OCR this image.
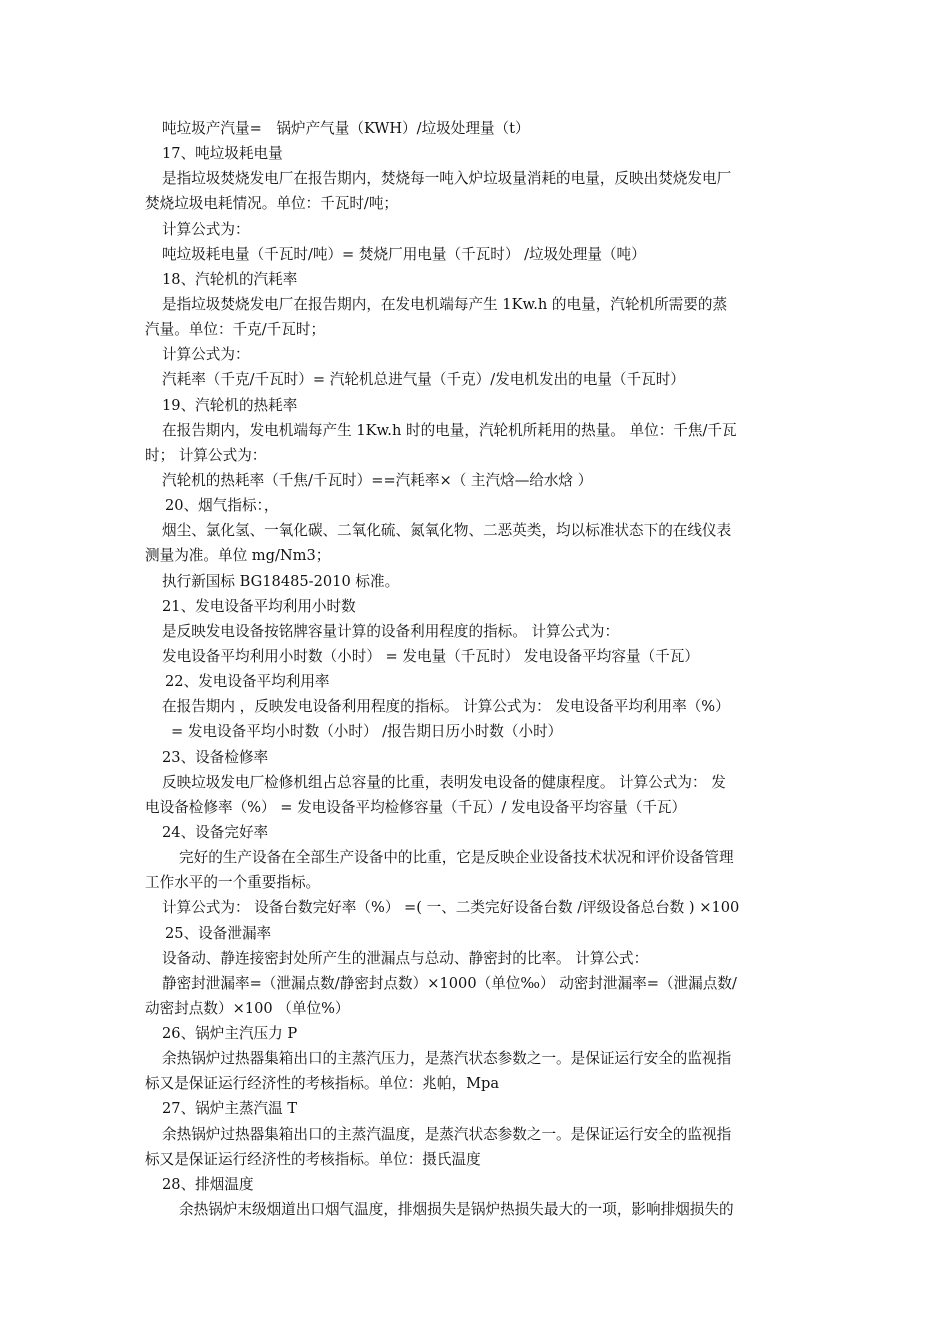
吨垃圾产汽量=　锅炉产气量（KWH）/垃圾处理量（t）
17、吨垃圾耗电量
是指垃圾焚烧发电厂在报告期内，焚烧每一吨入炉垃圾量消耗的电量，反映出焚烧发电厂
焚烧垃圾电耗情况。单位：千瓦时/吨；
计算公式为：
吨垃圾耗电量（千瓦时/吨）= 焚烧厂用电量（千瓦时） /垃圾处理量（吨）
18、汽轮机的汽耗率
是指垃圾焚烧发电厂在报告期内，在发电机端每产生 1Kw.h 的电量，汽轮机所需要的蒸
汽量。单位：千克/千瓦时；
计算公式为：
汽耗率（千克/千瓦时）= 汽轮机总进气量（千克）/发电机发出的电量（千瓦时）
19、汽轮机的热耗率
在报告期内，发电机端每产生 1Kw.h 时的电量，汽轮机所耗用的热量。 单位：千焦/千瓦
时； 计算公式为：
汽轮机的热耗率（千焦/千瓦时）==汽耗率×（ 主汽焓—给水焓 ）
20、烟气指标：，
烟尘、氯化氢、一氧化碳、二氧化硫、氮氧化物、二恶英类，均以标准状态下的在线仪表
测量为准。单位 mg/Nm3；
执行新国标 BG18485-2010 标准。
21、发电设备平均利用小时数
是反映发电设备按铭牌容量计算的设备利用程度的指标。 计算公式为：
发电设备平均利用小时数（小时） = 发电量（千瓦时） 发电设备平均容量（千瓦）
22、发电设备平均利用率
在报告期内 ，反映发电设备利用程度的指标。 计算公式为： 发电设备平均利用率（%）
= 发电设备平均小时数（小时） /报告期日历小时数（小时）
23、设备检修率
反映垃圾发电厂检修机组占总容量的比重，表明发电设备的健康程度。 计算公式为： 发
电设备检修率（%） = 发电设备平均检修容量（千瓦）/ 发电设备平均容量（千瓦）
24、设备完好率
完好的生产设备在全部生产设备中的比重，它是反映企业设备技术状况和评价设备管理
工作水平的一个重要指标。
计算公式为： 设备台数完好率（%） =( 一、二类完好设备台数 /评级设备总台数 ) ×100
25、设备泄漏率
设备动、静连接密封处所产生的泄漏点与总动、静密封的比率。 计算公式：
静密封泄漏率=（泄漏点数/静密封点数）×1000（单位‰） 动密封泄漏率=（泄漏点数/
动密封点数）×100 （单位%）
26、锅炉主汽压力 P
余热锅炉过热器集箱出口的主蒸汽压力，是蒸汽状态参数之一。是保证运行安全的监视指
标又是保证运行经济性的考核指标。单位：兆帕，Mpa
27、锅炉主蒸汽温 T
余热锅炉过热器集箱出口的主蒸汽温度，是蒸汽状态参数之一。是保证运行安全的监视指
标又是保证运行经济性的考核指标。单位：摄氏温度
28、排烟温度
余热锅炉末级烟道出口烟气温度，排烟损失是锅炉热损失最大的一项，影响排烟损失的
